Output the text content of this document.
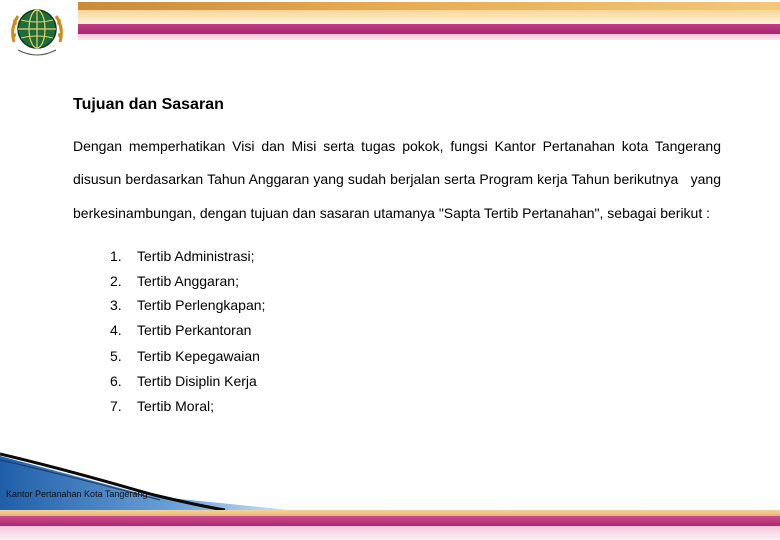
Tujuan dan Sasaran
Dengan memperhatikan Visi dan Misi serta tugas pokok, fungsi Kantor Pertanahan kota Tangerang
disusun berdasarkan Tahun Anggaran yang sudah berjalan serta Program kerja Tahun berikutnya   yang
berkesinambungan, dengan tujuan dan sasaran utamanya "Sapta Tertib Pertanahan", sebagai berikut :
1. Tertib Administrasi;
2. Tertib Anggaran;
3. Tertib Perlengkapan;
4. Tertib Perkantoran
5. Tertib Kepegawaian
6. Tertib Disiplin Kerja
7. Tertib Moral;
Kantor Pertanahan Kota Tangerang
